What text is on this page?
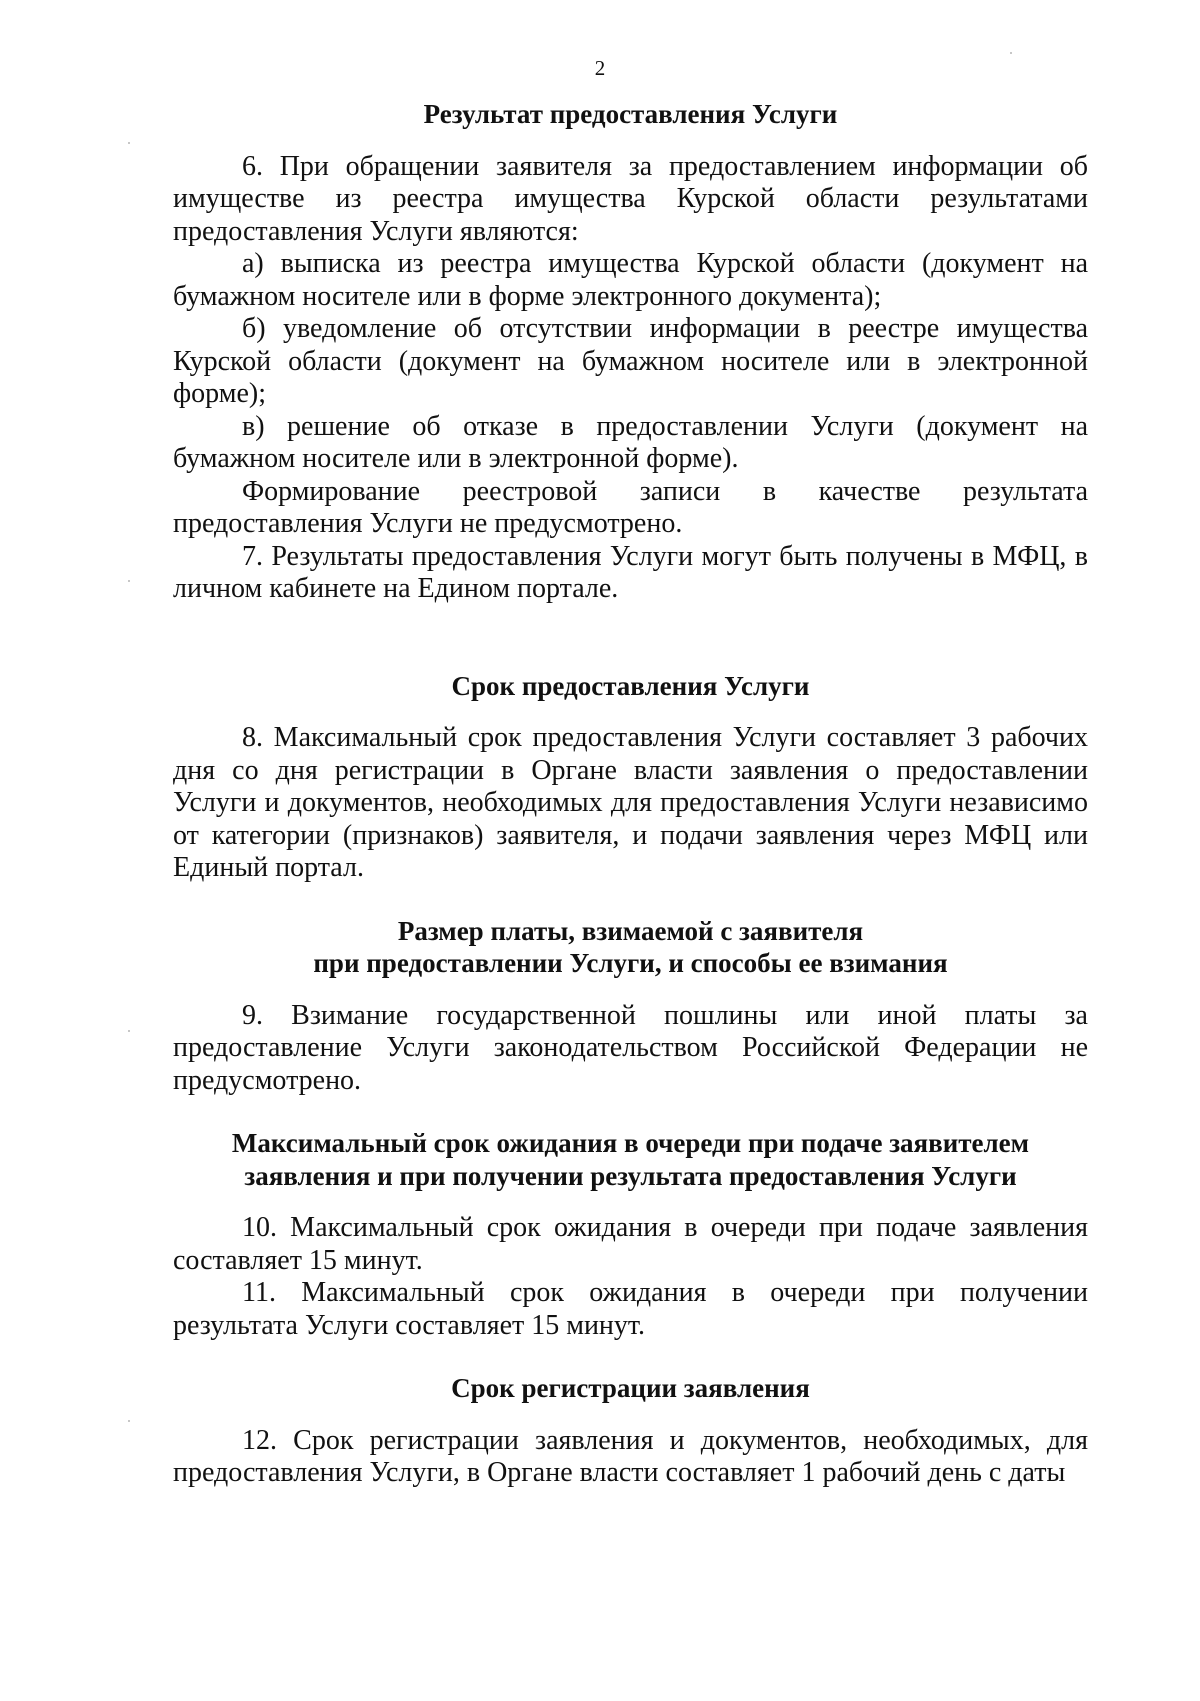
2
Результат предоставления Услуги

6. При обращении заявителя за предоставлением информации об имуществе из реестра имущества Курской области результатами предоставления Услуги являются:

а) выписка из реестра имущества Курской области (документ на бумажном носителе или в форме электронного документа);

б) уведомление об отсутствии информации в реестре имущества Курской области (документ на бумажном носителе или в электронной форме);

в) решение об отказе в предоставлении Услуги (документ на бумажном носителе или в электронной форме).

Формирование реестровой записи в качестве результата предоставления Услуги не предусмотрено.

7. Результаты предоставления Услуги могут быть получены в МФЦ, в личном кабинете на Едином портале.

Срок предоставления Услуги

8. Максимальный срок предоставления Услуги составляет 3 рабочих дня со дня регистрации в Органе власти заявления о предоставлении Услуги и документов, необходимых для предоставления Услуги независимо от категории (признаков) заявителя, и подачи заявления через МФЦ или Единый портал.

Размер платы, взимаемой с заявителя
при предоставлении Услуги, и способы ее взимания

9. Взимание государственной пошлины или иной платы за предоставление Услуги законодательством Российской Федерации не предусмотрено.

Максимальный срок ожидания в очереди при подаче заявителем
заявления и при получении результата предоставления Услуги

10. Максимальный срок ожидания в очереди при подаче заявления составляет 15 минут.

11. Максимальный срок ожидания в очереди при получении результата Услуги составляет 15 минут.

Срок регистрации заявления

12. Срок регистрации заявления и документов, необходимых, для предоставления Услуги, в Органе власти составляет 1 рабочий день с даты
